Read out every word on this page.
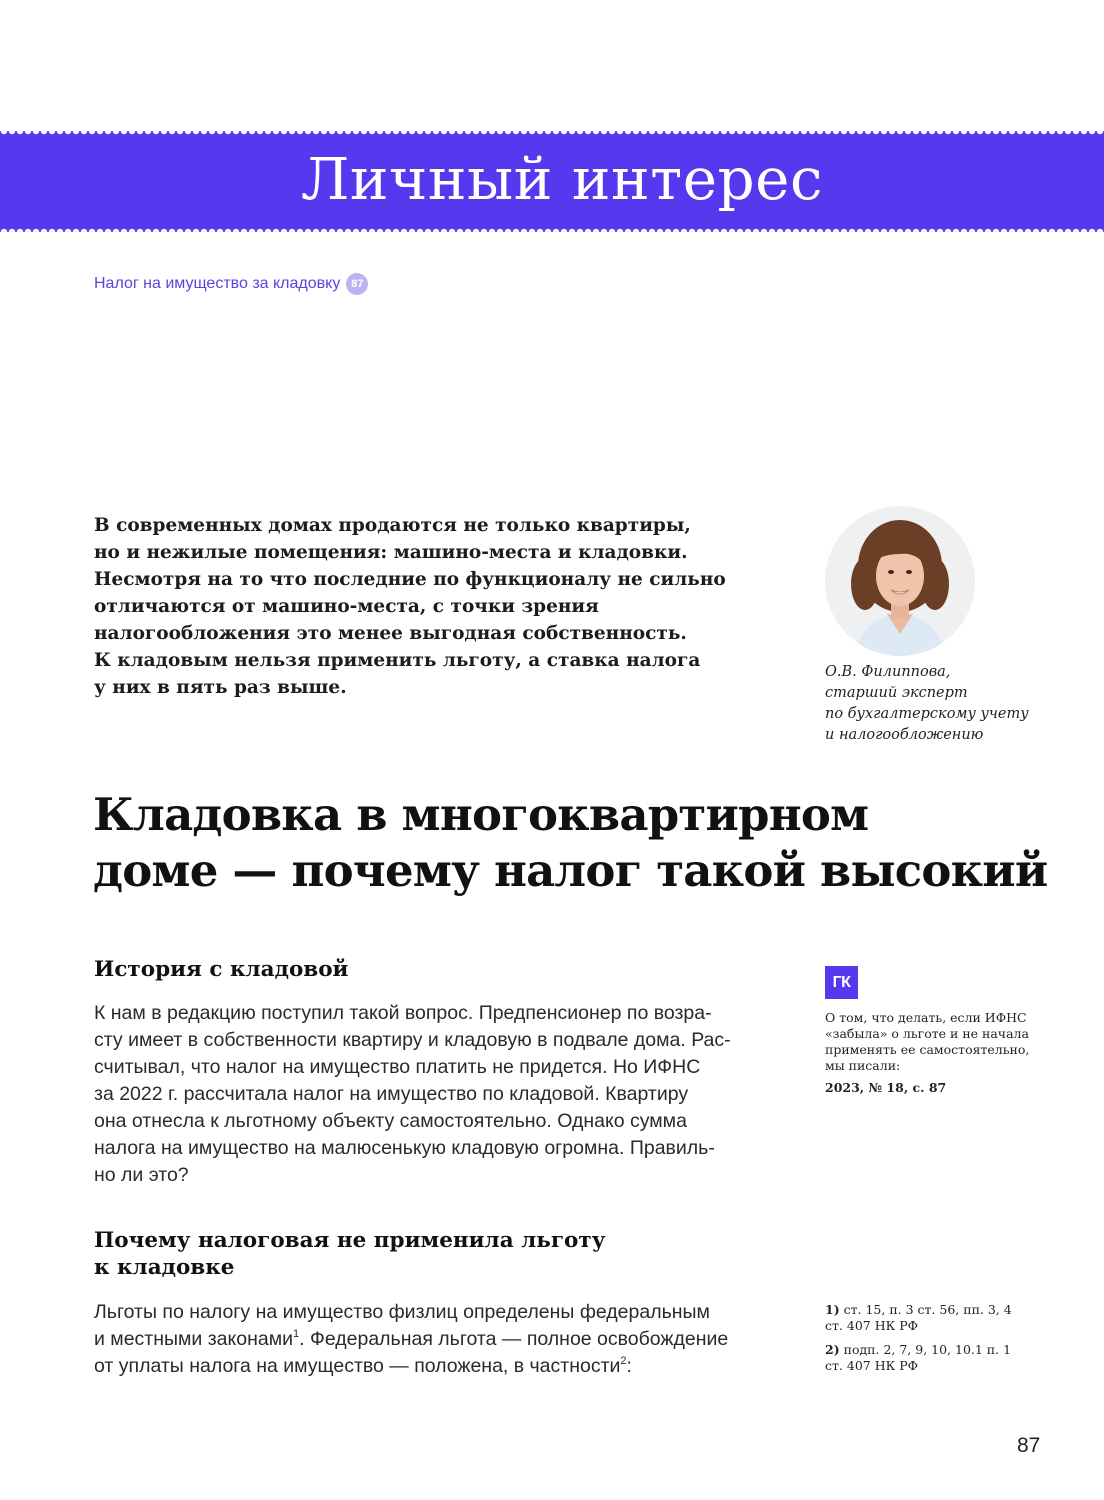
Личный интерес
Налог на имущество за кладовку 87
В современных домах продаются не только квартиры,
но и нежилые помещения: машино-места и кладовки.
Несмотря на то что последние по функционалу не сильно
отличаются от машино-места, с точки зрения
налогообложения это менее выгодная собственность.
К кладовым нельзя применить льготу, а ставка налога
у них в пять раз выше.
О.В. Филиппова,
старший эксперт
по бухгалтерскому учету
и налогообложению
Кладовка в многоквартирном
доме — почему налог такой высокий
История с кладовой
К нам в редакцию поступил такой вопрос. Предпенсионер по возра-
сту имеет в собственности квартиру и кладовую в подвале дома. Рас-
считывал, что налог на имущество платить не придется. Но ИФНС
за 2022 г. рассчитала налог на имущество по кладовой. Квартиру
она отнесла к льготному объекту самостоятельно. Однако сумма
налога на имущество на малюсенькую кладовую огромна. Правиль-
но ли это?
ГК
О том, что делать, если ИФНС
«забыла» о льготе и не начала
применять ее самостоятельно,
мы писали:
2023, № 18, с. 87
Почему налоговая не применила льготу
к кладовке
Льготы по налогу на имущество физлиц определены федеральным
и местными законами$^1$. Федеральная льгота — полное освобождение
от уплаты налога на имущество — положена, в частности$^2$:
1) ст. 15, п. 3 ст. 56, пп. 3, 4
ст. 407 НК РФ
2) подп. 2, 7, 9, 10, 10.1 п. 1
ст. 407 НК РФ
87
